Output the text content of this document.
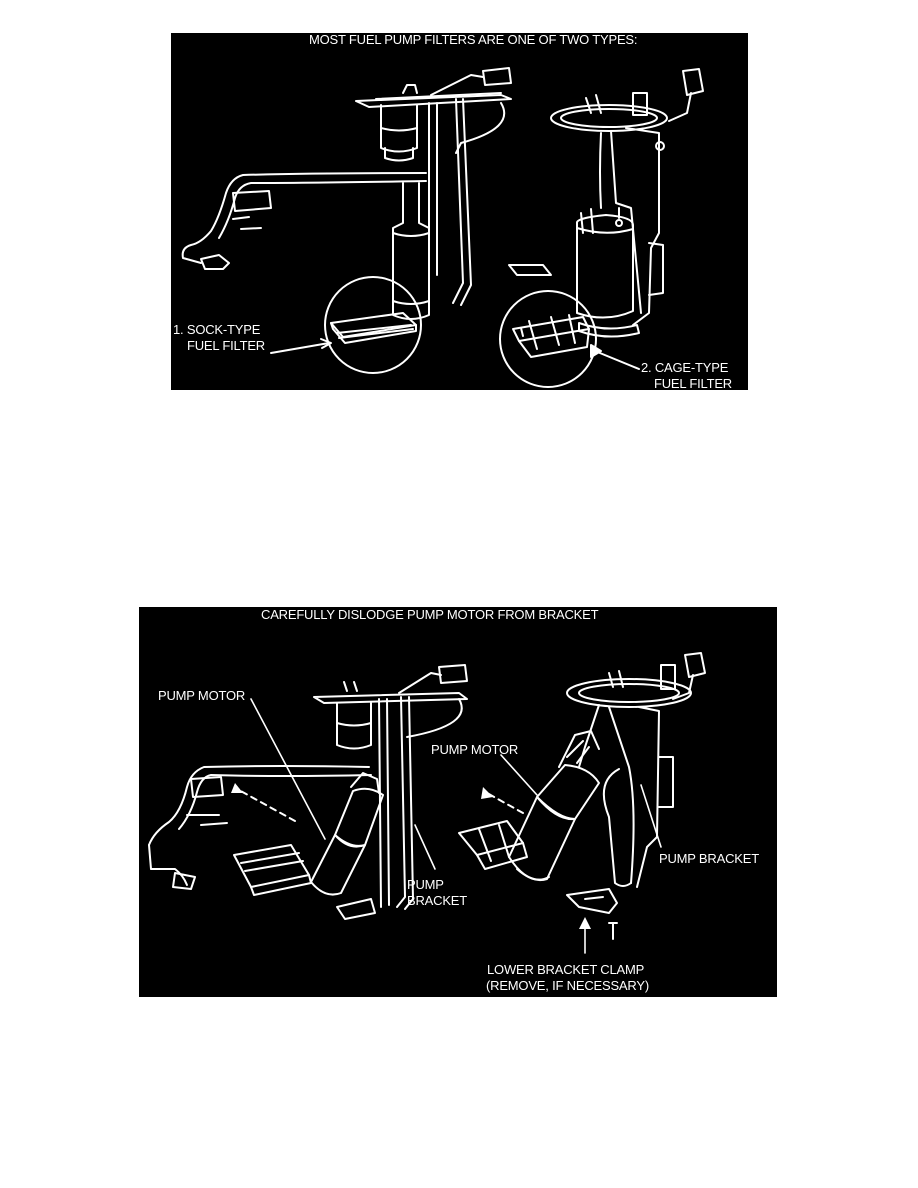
MOST FUEL PUMP FILTERS ARE ONE OF TWO TYPES:
1. SOCK-TYPE
FUEL FILTER
2. CAGE-TYPE
FUEL FILTER
CAREFULLY DISLODGE PUMP MOTOR FROM BRACKET
PUMP MOTOR
PUMP MOTOR
PUMP
BRACKET
PUMP BRACKET
LOWER BRACKET CLAMP
(REMOVE, IF NECESSARY)
